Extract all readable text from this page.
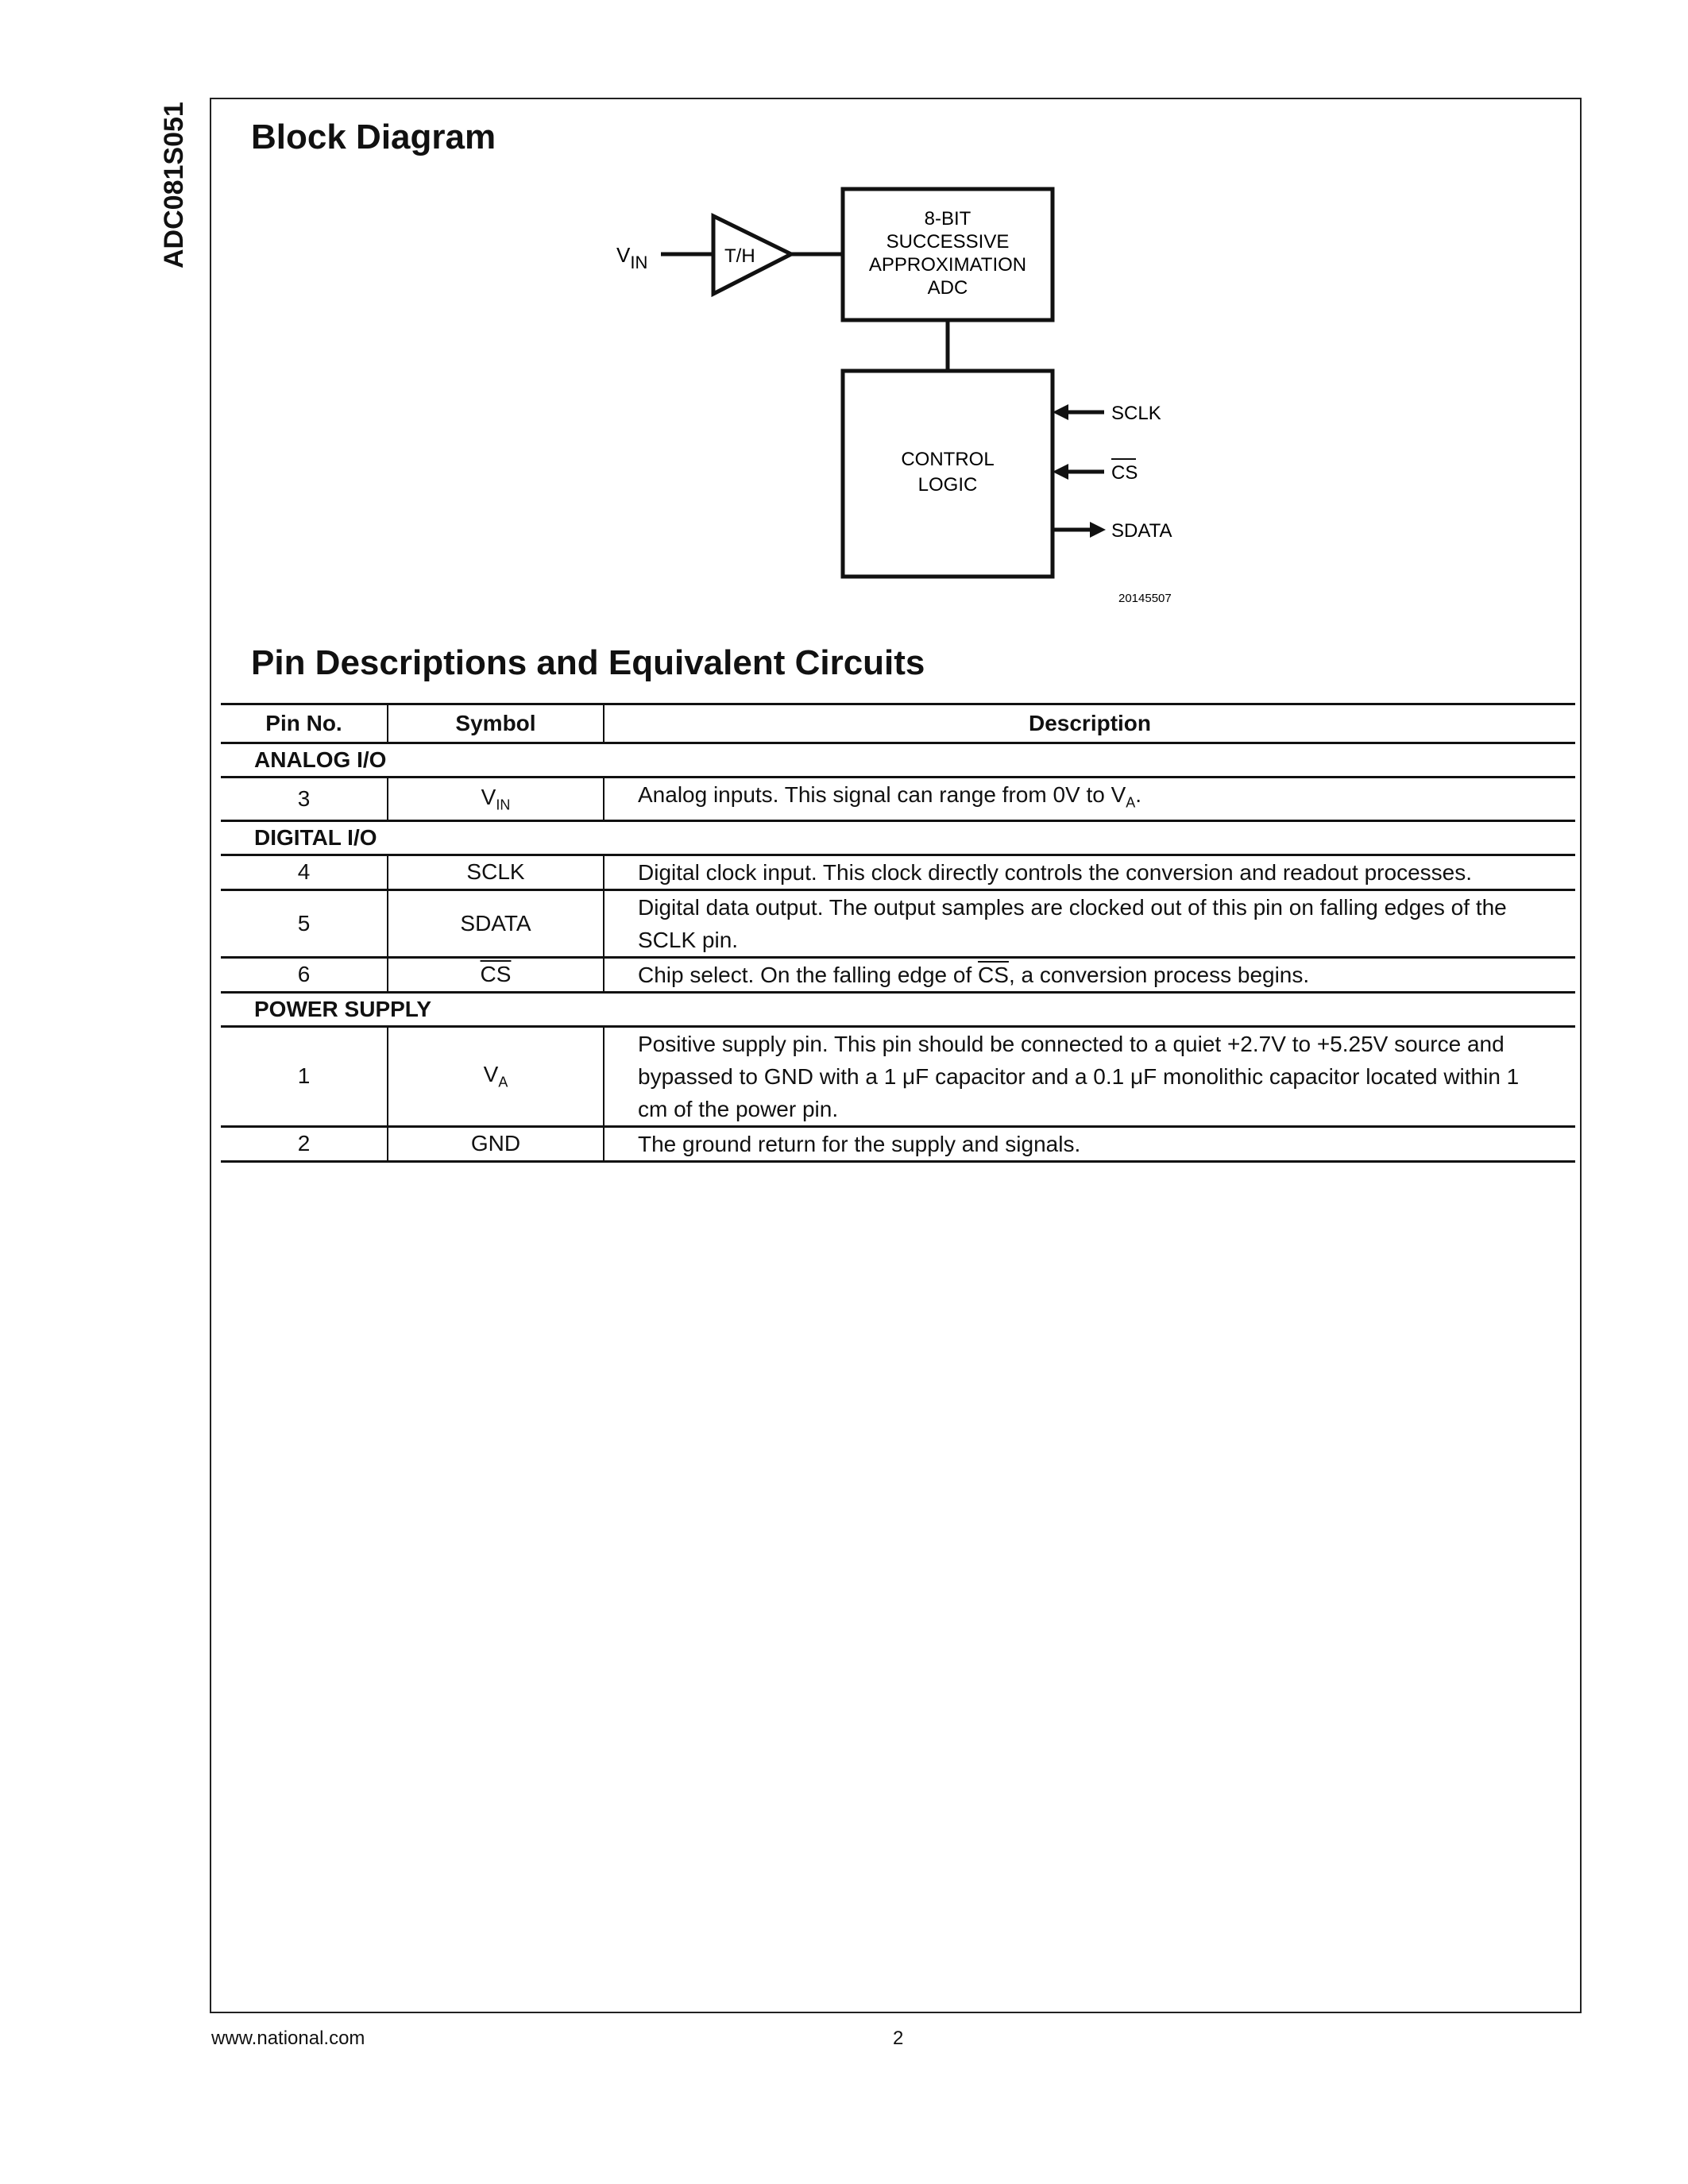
ADC081S051 Block Diagram
$V_{IN}$	T/H
8-BIT
SUCCESSIVE
APPROXIMATION
ADC
CONTROL
LOGIC
SCLK
CS
SDATA
20145507
Pin Descriptions and Equivalent Circuits
Pin No.	Symbol	Description
ANALOG I/O		
3	$V_{IN}$	Analog inputs. This signal can range from 0V to $V_A$.
DIGITAL I/O		
4	SCLK	Digital clock input. This clock directly controls the conversion and readout processes.
5	SDATA	Digital data output. The output samples are clocked out of this pin on falling edges of the SCLK pin.
6	$\overline{CS}$	Chip select. On the falling edge of $\overline{CS}$, a conversion process begins.
POWER SUPPLY		
1	$V_A$	Positive supply pin. This pin should be connected to a quiet +2.7V to +5.25V source and bypassed to GND with a 1 μF capacitor and a 0.1 μF monolithic capacitor located within 1 cm of the power pin.
2	GND	The ground return for the supply and signals.
www.national.com	2
